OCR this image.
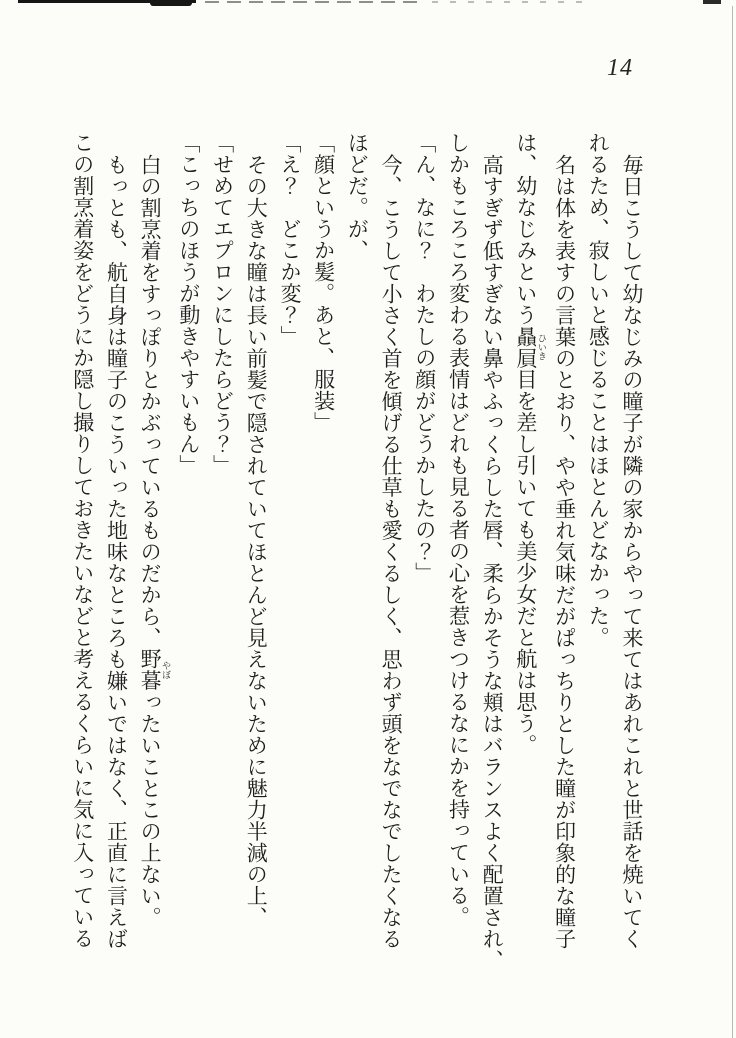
14
毎日こうして幼なじみの瞳子が隣の家からやって来てはあれこれと世話を焼いてく
れるため、寂しいと感じることはほとんどなかった。
名は体を表すの言葉のとおり、やや垂れ気味だがぱっちりとした瞳が印象的な瞳子
は、幼なじみという贔屓 ひいき目を差し引いても美少女だと航は思う。
高すぎず低すぎない鼻やふっくらした唇、柔らかそうな頬はバランスよく配置され、
しかもころころ変わる表情はどれも見る者の心を惹きつけるなにかを持っている。
「ん、なに？　わたしの顔がどうかしたの？」
今、こうして小さく首を傾げる仕草も愛くるしく、思わず頭をなでなでしたくなる
ほどだ。が、
「顔というか髪。あと、服装」
「え？　どこか変？」
その大きな瞳は長い前髪で隠されていてほとんど見えないために魅力半減の上、
「せめてエプロンにしたらどう？」
「こっちのほうが動きやすいもん」
白の割烹着をすっぽりとかぶっているものだから、野暮 やぼったいことこの上ない。
もっとも、航自身は瞳子のこういった地味なところも嫌いではなく、正直に言えば
この割烹着姿をどうにか隠し撮りしておきたいなどと考えるくらいに気に入っている
